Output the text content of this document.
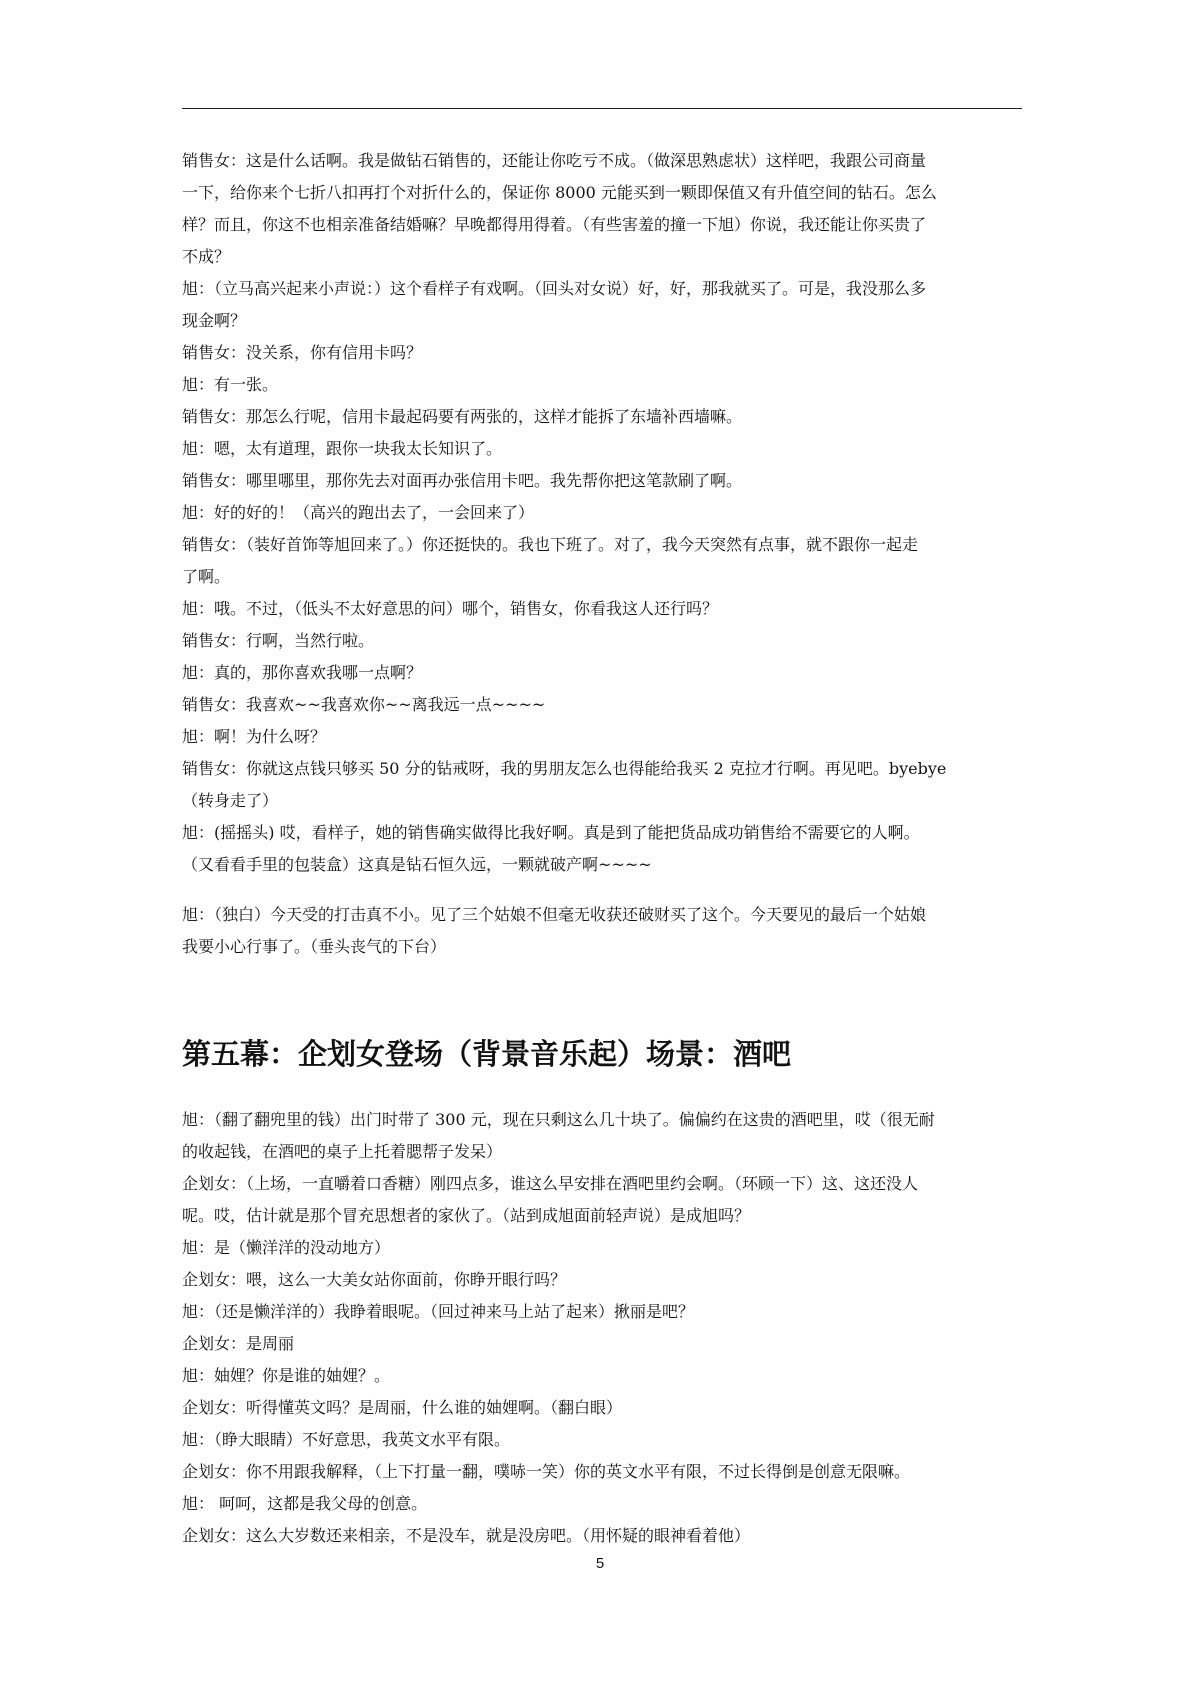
销售女：这是什么话啊。我是做钻石销售的，还能让你吃亏不成。（做深思熟虑状）这样吧，我跟公司商量
一下，给你来个七折八扣再打个对折什么的，保证你 8000 元能买到一颗即保值又有升值空间的钻石。怎么
样？而且，你这不也相亲准备结婚嘛？早晚都得用得着。（有些害羞的撞一下旭）你说，我还能让你买贵了
不成？
旭：（立马高兴起来小声说：）这个看样子有戏啊。（回头对女说）好，好，那我就买了。可是，我没那么多
现金啊？
销售女：没关系，你有信用卡吗？
旭：有一张。
销售女：那怎么行呢，信用卡最起码要有两张的，这样才能拆了东墙补西墙嘛。
旭：嗯，太有道理，跟你一块我太长知识了。
销售女：哪里哪里，那你先去对面再办张信用卡吧。我先帮你把这笔款刷了啊。
旭：好的好的！（高兴的跑出去了，一会回来了）
销售女：（装好首饰等旭回来了。）你还挺快的。我也下班了。对了，我今天突然有点事，就不跟你一起走
了啊。
旭：哦。不过，（低头不太好意思的问）哪个，销售女，你看我这人还行吗？
销售女：行啊，当然行啦。
旭：真的，那你喜欢我哪一点啊？
销售女：我喜欢~~我喜欢你~~离我远一点~~~~
旭：啊！为什么呀？
销售女：你就这点钱只够买 50 分的钻戒呀，我的男朋友怎么也得能给我买 2 克拉才行啊。再见吧。byebye
（转身走了）
旭：(摇摇头) 哎，看样子，她的销售确实做得比我好啊。真是到了能把货品成功销售给不需要它的人啊。
（又看看手里的包装盒）这真是钻石恒久远，一颗就破产啊~~~~
旭：（独白）今天受的打击真不小。见了三个姑娘不但毫无收获还破财买了这个。今天要见的最后一个姑娘
我要小心行事了。（垂头丧气的下台）
第五幕：企划女登场（背景音乐起）场景：酒吧
旭：（翻了翻兜里的钱）出门时带了 300 元，现在只剩这么几十块了。偏偏约在这贵的酒吧里，哎（很无耐
的收起钱，在酒吧的桌子上托着腮帮子发呆）
企划女：（上场，一直嚼着口香糖）刚四点多，谁这么早安排在酒吧里约会啊。（环顾一下）这、这还没人
呢。哎，估计就是那个冒充思想者的家伙了。（站到成旭面前轻声说）是成旭吗？
旭：是（懒洋洋的没动地方）
企划女：喂，这么一大美女站你面前，你睁开眼行吗？
旭：（还是懒洋洋的）我睁着眼呢。（回过神来马上站了起来）揪丽是吧？
企划女：是周丽
旭：妯娌？你是谁的妯娌？。
企划女：听得懂英文吗？是周丽，什么谁的妯娌啊。（翻白眼）
旭：（睁大眼睛）不好意思，我英文水平有限。
企划女：你不用跟我解释，（上下打量一翻，噗哧一笑）你的英文水平有限，不过长得倒是创意无限嘛。
旭： 呵呵，这都是我父母的创意。
企划女：这么大岁数还来相亲，不是没车，就是没房吧。（用怀疑的眼神看着他）
5
